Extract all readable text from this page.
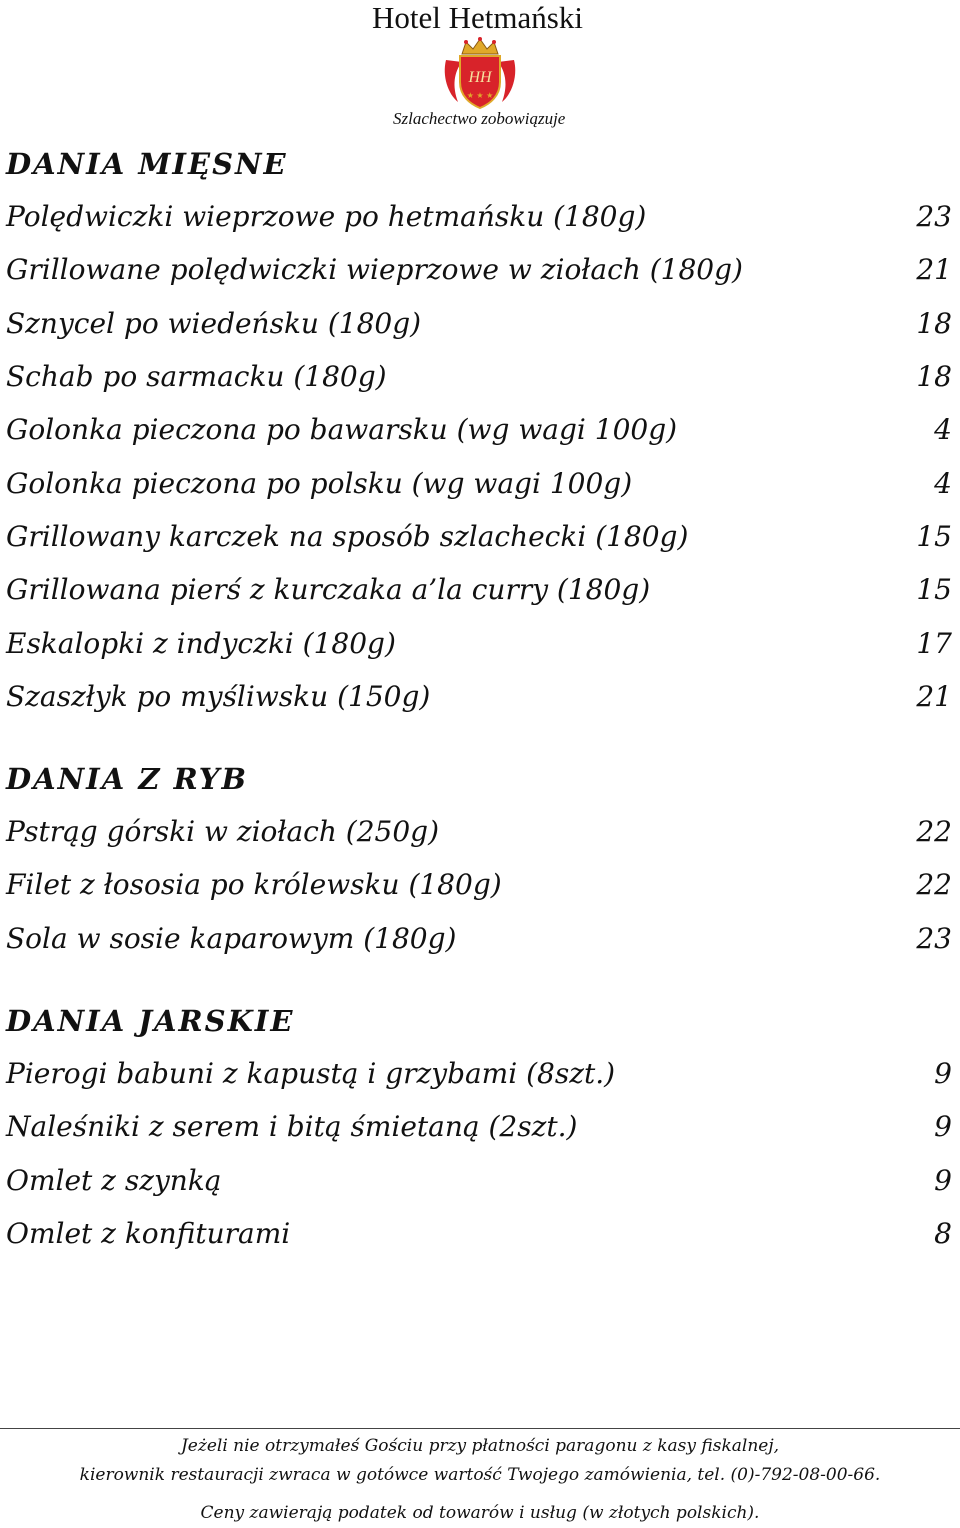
Hotel Hetmański
★ ★ ★
HH
Szlachectwo zobowiązuje
DANIA MIĘSNE
Polędwiczki wieprzowe po hetmańsku (180g)	23
Grillowane polędwiczki wieprzowe w ziołach (180g)	21
Sznycel po wiedeńsku (180g)	18
Schab po sarmacku (180g)	18
Golonka pieczona po bawarsku (wg wagi 100g)	4
Golonka pieczona po polsku (wg wagi 100g)	4
Grillowany karczek na sposób szlachecki (180g)	15
Grillowana pierś z kurczaka a’la curry (180g)	15
Eskalopki z indyczki (180g)	17
Szaszłyk po myśliwsku (150g)	21
DANIA Z RYB
Pstrąg górski w ziołach (250g)	22
Filet z łososia po królewsku (180g)	22
Sola w sosie kaparowym (180g)	23
DANIA JARSKIE
Pierogi babuni z kapustą i grzybami (8szt.)	9
Naleśniki z serem i bitą śmietaną (2szt.)	9
Omlet z szynką	9
Omlet z konfiturami	8
Jeżeli nie otrzymałeś Gościu przy płatności paragonu z kasy fiskalnej,
kierownik restauracji zwraca w gotówce wartość Twojego zamówienia, tel. (0)-792-08-00-66.
Ceny zawierają podatek od towarów i usług (w złotych polskich).
